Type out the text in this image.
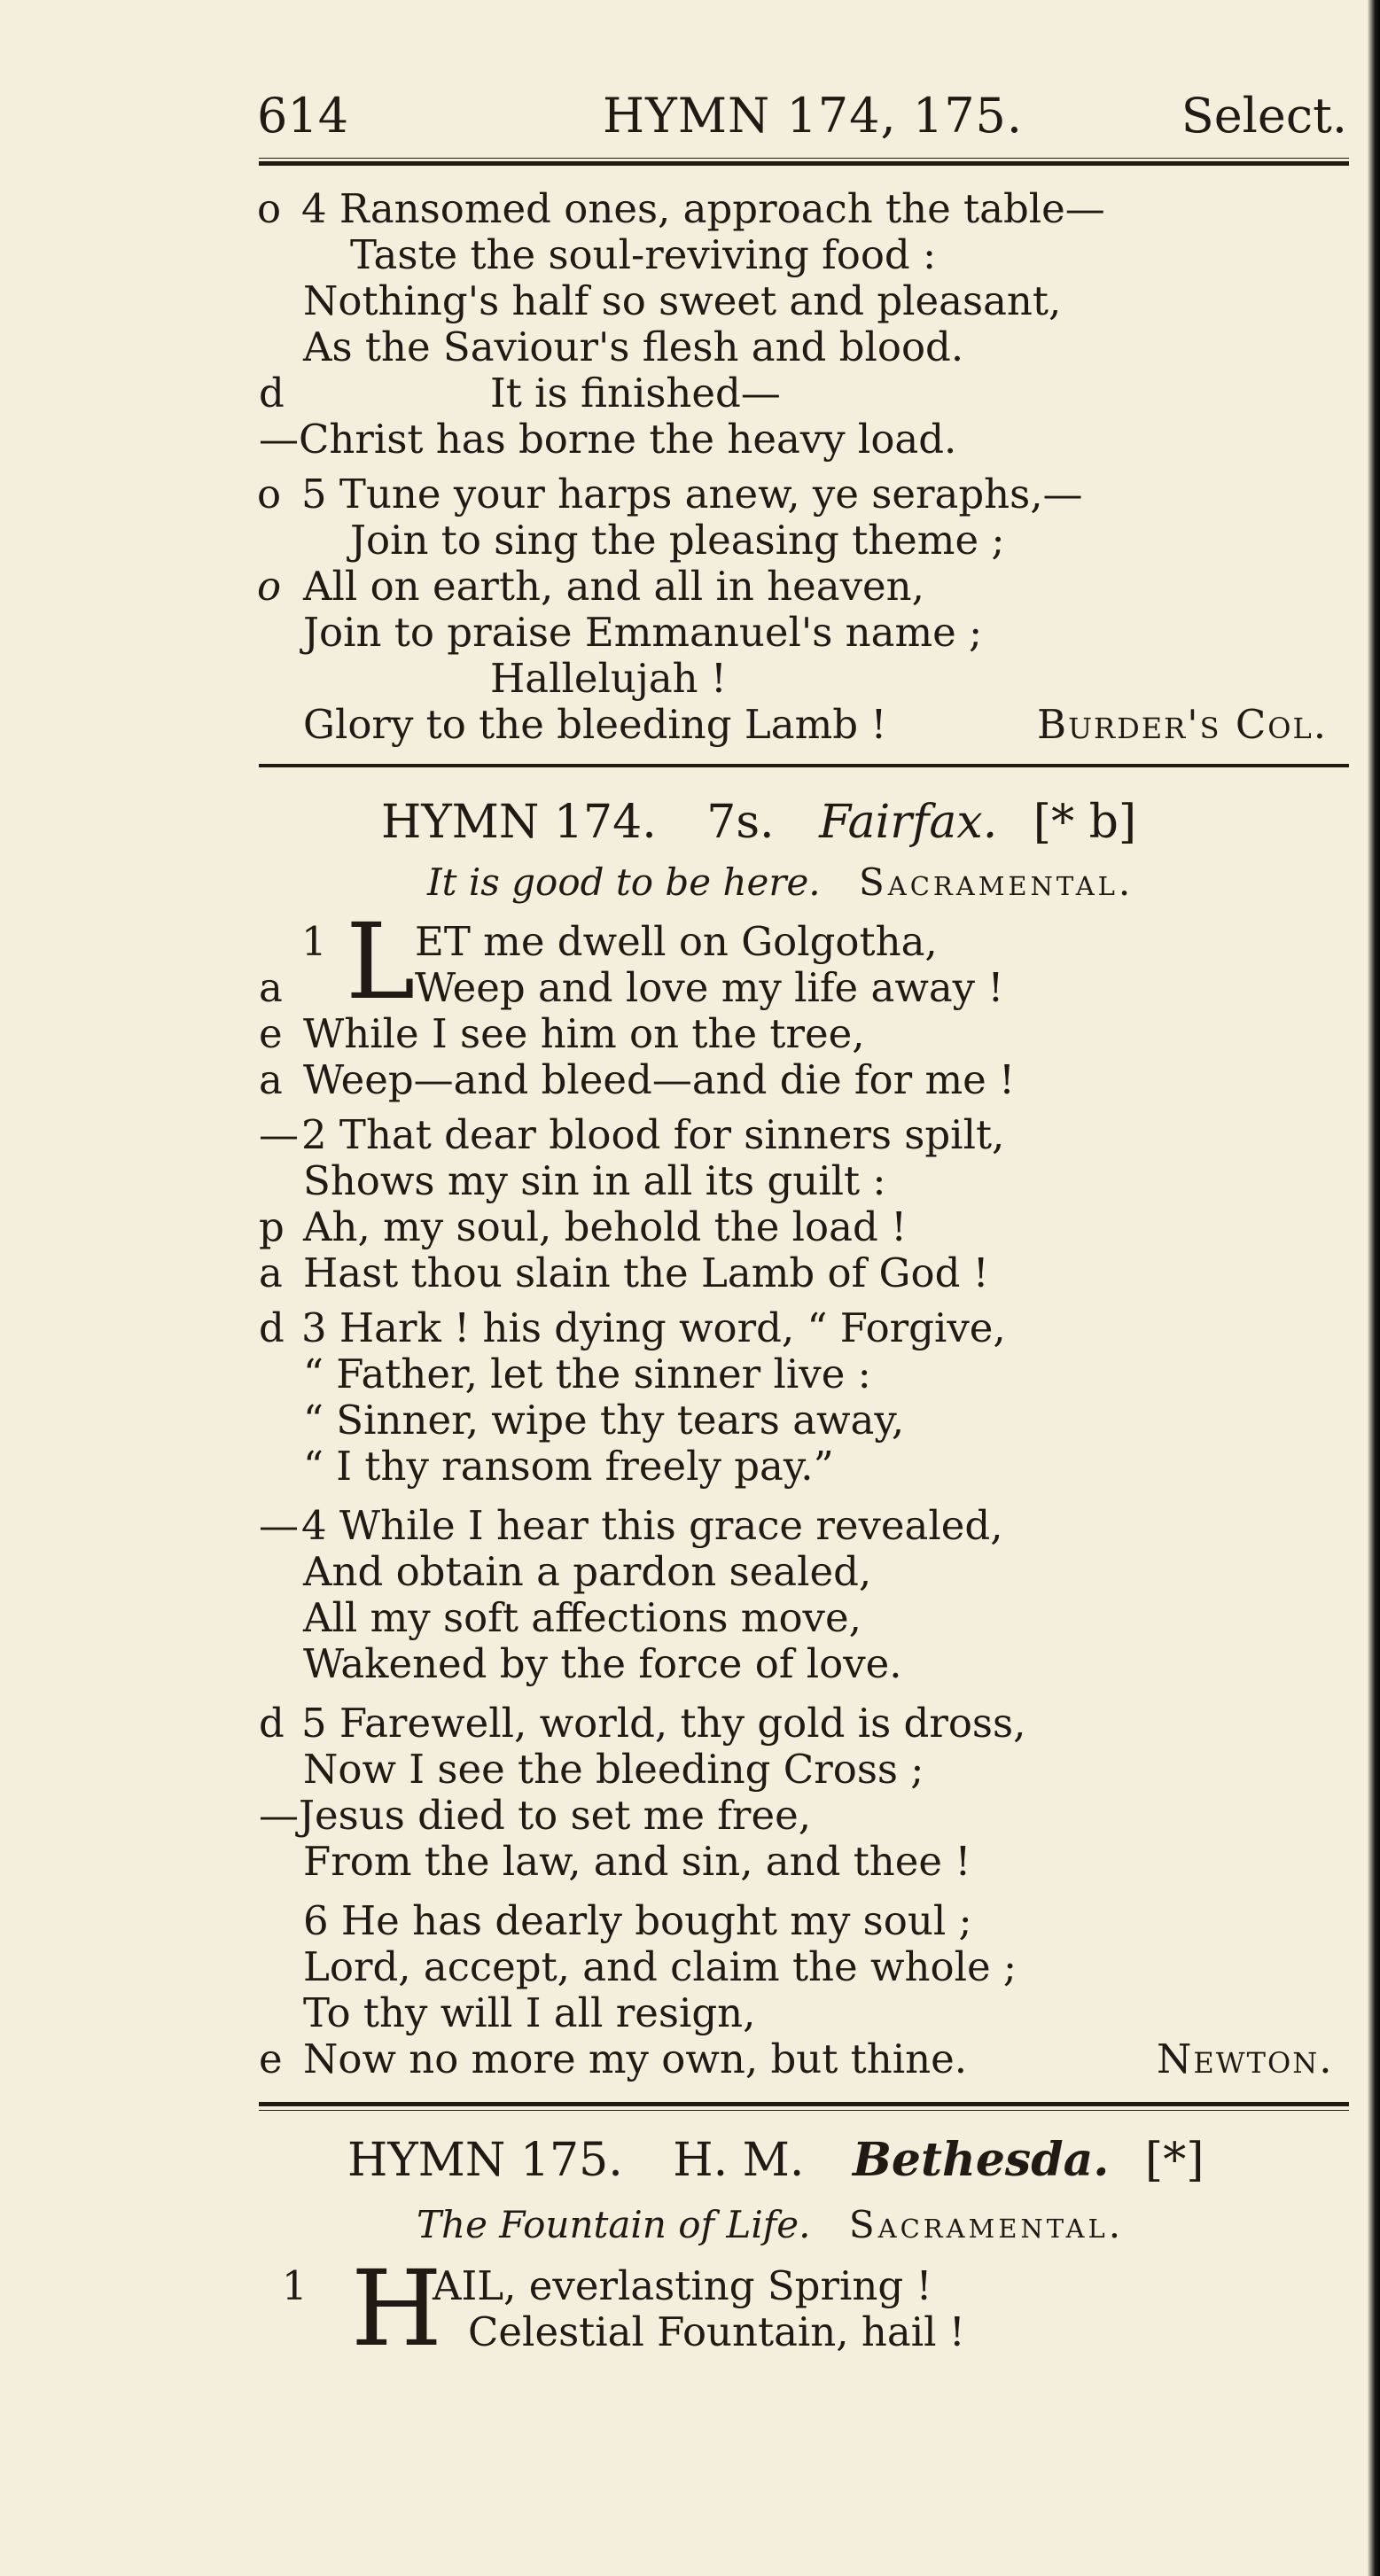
614	HYMN 174, 175.	Select.
o 4 Ransomed ones, approach the table—
Taste the soul-reviving food :
Nothing's half so sweet and pleasant,
As the Saviour's flesh and blood.
d	It is finished—
—Christ has borne the heavy load.
o 5 Tune your harps anew, ye seraphs,—
Join to sing the pleasing theme ;
o All on earth, and all in heaven,
Join to praise Emmanuel's name ;
Hallelujah !
Glory to the bleeding Lamb !	Burder's Col.
HYMN 174. 7s. Fairfax. [* b]
It is good to be here. Sacramental.
1 L ET me dwell on Golgotha,
a	Weep and love my life away !
e While I see him on the tree,
a Weep—and bleed—and die for me !
— 2 That dear blood for sinners spilt,
Shows my sin in all its guilt :
p Ah, my soul, behold the load !
a Hast thou slain the Lamb of God !
d 3 Hark ! his dying word, “ Forgive,
“ Father, let the sinner live :
“ Sinner, wipe thy tears away,
“ I thy ransom freely pay.”
— 4 While I hear this grace revealed,
And obtain a pardon sealed,
All my soft affections move,
Wakened by the force of love.
d 5 Farewell, world, thy gold is dross,
Now I see the bleeding Cross ;
—Jesus died to set me free,
From the law, and sin, and thee !
6 He has dearly bought my soul ;
Lord, accept, and claim the whole ;
To thy will I all resign,
e Now no more my own, but thine.	Newton.
HYMN 175. H. M. Bethesda. [*]
The Fountain of Life. Sacramental.
1 H
AIL, everlasting Spring !
Celestial Fountain, hail !
